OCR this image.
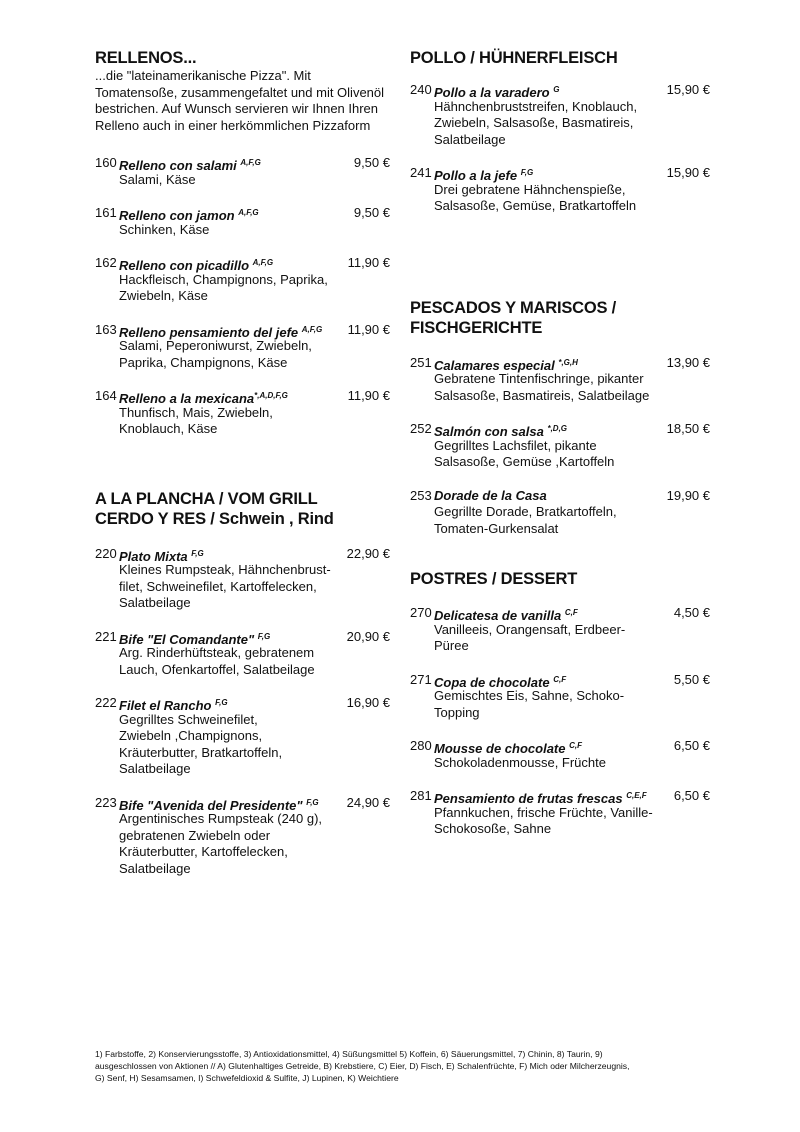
RELLENOS...
...die "lateinamerikanische Pizza". Mit
Tomatensoße, zusammengefaltet und mit Olivenöl
bestrichen. Auf Wunsch servieren wir Ihnen Ihren
Relleno auch in einer herkömmlichen Pizzaform
160 Relleno con salami $^{A,F,G}$	9,50 €
Salami, Käse
161 Relleno con jamon $^{A,F,G}$	9,50 €
Schinken, Käse
162 Relleno con picadillo $^{A,F,G}$	11,90 €
Hackfleisch, Champignons, Paprika,
Zwiebeln, Käse
163 Relleno pensamiento del jefe $^{A,F,G}$ 11,90 €
Salami, Peperoniwurst, Zwiebeln,
Paprika, Champignons, Käse
164 Relleno a la mexicana$^{*,A,D,F,G}$	11,90 €
Thunfisch, Mais, Zwiebeln,
Knoblauch, Käse
A LA PLANCHA / VOM GRILL
CERDO Y RES / Schwein , Rind
220 Plato Mixta $^{F,G}$	22,90 €
Kleines Rumpsteak, Hähnchenbrust-
filet, Schweinefilet, Kartoffelecken,
Salatbeilage
221 Bife "El Comandante" $^{F,G}$	20,90 €
Arg. Rinderhüftsteak, gebratenem
Lauch, Ofenkartoffel, Salatbeilage
222 Filet el Rancho $^{F,G}$	16,90 €
Gegrilltes Schweinefilet,
Zwiebeln ,Champignons,
Kräuterbutter, Bratkartoffeln,
Salatbeilage
223 Bife "Avenida del Presidente" $^{F,G}$ 24,90 €
Argentinisches Rumpsteak (240 g),
gebratenen Zwiebeln oder
Kräuterbutter, Kartoffelecken,
Salatbeilage
POLLO / HÜHNERFLEISCH
240 Pollo a la varadero $^G$	15,90 €
Hähnchenbruststreifen, Knoblauch,
Zwiebeln, Salsasoße, Basmatireis,
Salatbeilage
241 Pollo a la jefe $^{F,G}$	15,90 €
Drei gebratene Hähnchenspieße,
Salsasoße, Gemüse, Bratkartoffeln
PESCADOS Y MARISCOS /
FISCHGERICHTE
251 Calamares especial $^{*,G,H}$	13,90 €
Gebratene Tintenfischringe, pikanter
Salsasoße, Basmatireis, Salatbeilage
252 Salmón con salsa $^{*,D,G}$	18,50 €
Gegrilltes Lachsfilet, pikante
Salsasoße, Gemüse ,Kartoffeln
253 Dorade de la Casa	19,90 €
Gegrillte Dorade, Bratkartoffeln,
Tomaten-Gurkensalat
POSTRES / DESSERT
270 Delicatesa de vanilla $^{C,F}$	4,50 €
Vanilleeis, Orangensaft, Erdbeer-
Püree
271 Copa de chocolate $^{C,F}$	5,50 €
Gemischtes Eis, Sahne, Schoko-
Topping
280 Mousse de chocolate $^{C,F}$	6,50 €
Schokoladenmousse, Früchte
281 Pensamiento de frutas frescas $^{C,E,F}$ 6,50 €
Pfannkuchen, frische Früchte, Vanille-
Schokosoße, Sahne
1) Farbstoffe, 2) Konservierungsstoffe, 3) Antioxidationsmittel, 4) Süßungsmittel 5) Koffein, 6) Säuerungsmittel, 7) Chinin, 8) Taurin, 9)
ausgeschlossen von Aktionen // A) Glutenhaltiges Getreide, B) Krebstiere, C) Eier, D) Fisch, E) Schalenfrüchte, F) Mich oder Milcherzeugnis,
G) Senf, H) Sesamsamen, I) Schwefeldioxid & Sulfite, J) Lupinen, K) Weichtiere
